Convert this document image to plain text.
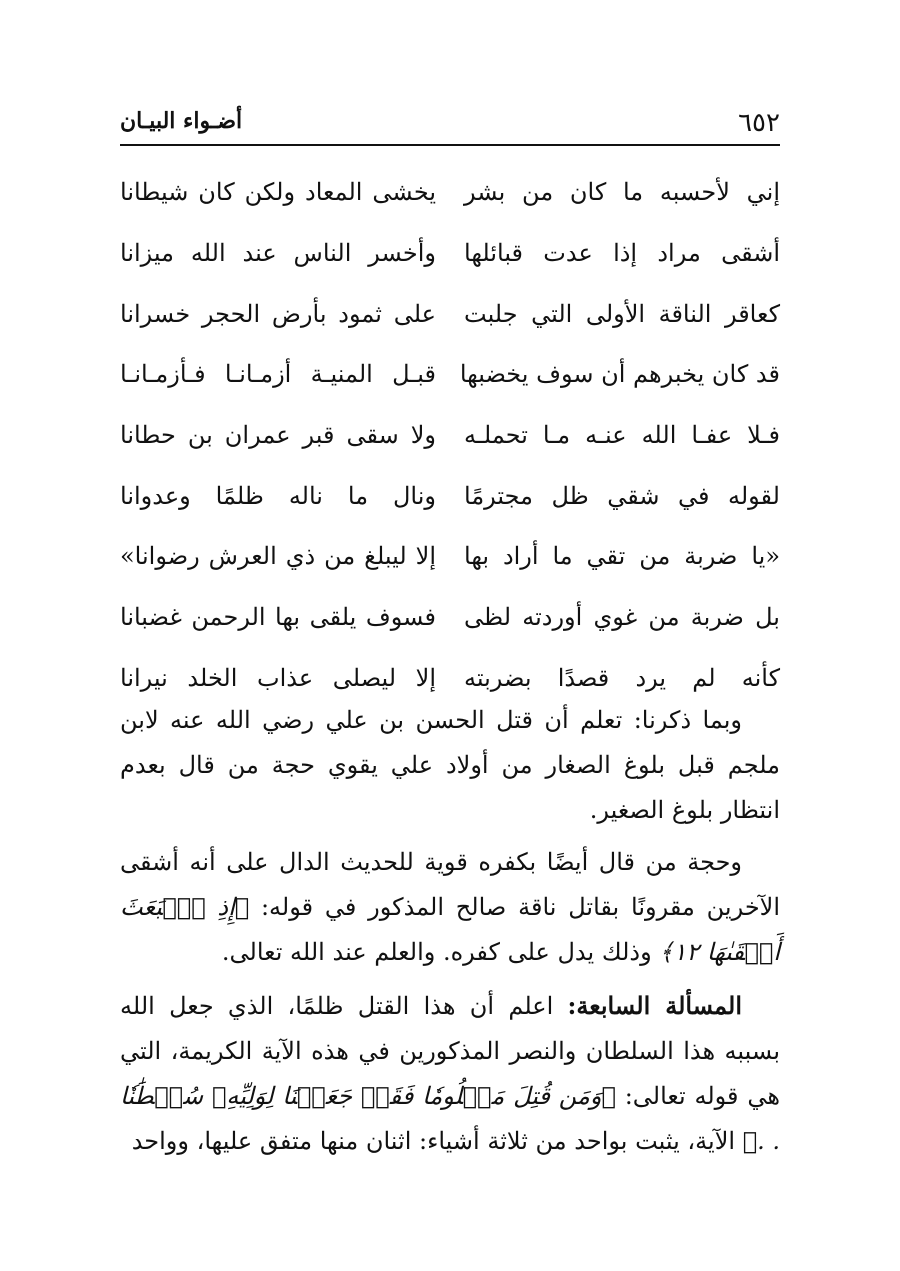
٦٥٢
أضـواء البيـان
إني لأحسبه ما كان من بشر
يخشى المعاد ولكن كان شيطانا
أشقى مراد إذا عدت قبائلها
وأخسر الناس عند الله ميزانا
كعاقر الناقة الأولى التي جلبت
على ثمود بأرض الحجر خسرانا
قد كان يخبرهم أن سوف يخضبها
قبـل المنيـة أزمـانـا فـأزمـانـا
فـلا عفـا الله عنـه مـا تحملـه
ولا سقى قبر عمران بن حطانا
لقوله في شقي ظل مجترمًا
ونال ما ناله ظلمًا وعدوانا
«يا ضربة من تقي ما أراد بها
إلا ليبلغ من ذي العرش رضوانا»
بل ضربة من غوي أوردته لظى
فسوف يلقى بها الرحمن غضبانا
كأنه لم يرد قصدًا بضربته
إلا ليصلى عذاب الخلد نيرانا

وبما ذكرنا: تعلم أن قتل الحسن بن علي رضي الله عنه لابن ملجم قبل بلوغ الصغار من أولاد علي يقوي حجة من قال بعدم انتظار بلوغ الصغير.

وحجة من قال أيضًا بكفره قوية للحديث الدال على أنه أشقى الآخرين مقرونًا بقاتل ناقة صالح المذكور في قوله: ﴿إِذِ ٱنۢبَعَثَ أَشۡقَىٰهَا ١٢﴾ وذلك يدل على كفره. والعلم عند الله تعالى.

المسألة السابعة: اعلم أن هذا القتل ظلمًا، الذي جعل الله بسببه هذا السلطان والنصر المذكورين في هذه الآية الكريمة، التي هي قوله تعالى: ﴿وَمَن قُتِلَ مَظۡلُومٗا فَقَدۡ جَعَلۡنَا لِوَلِيِّهِۦ سُلۡطَٰنٗا . .﴾ الآية، يثبت بواحد من ثلاثة أشياء: اثنان منها متفق عليها، وواحد
